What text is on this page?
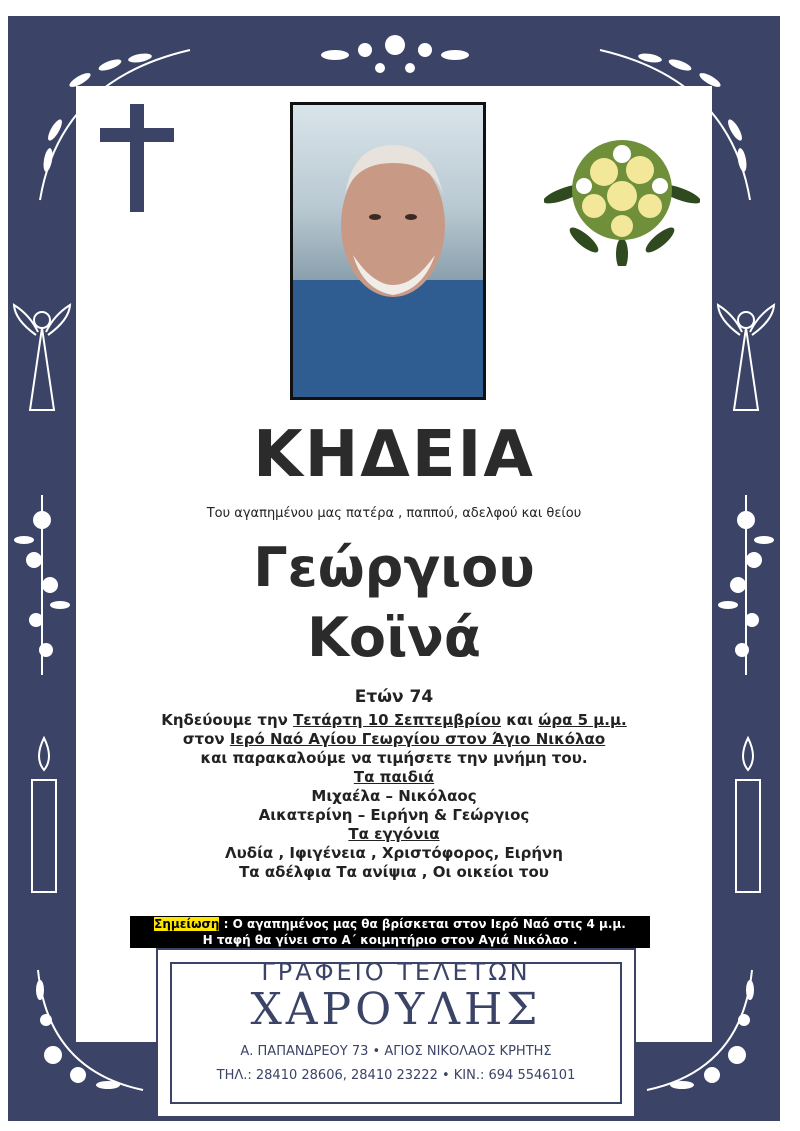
ΚΗΔΕΙΑ
Του αγαπημένου μας πατέρα , παππού, αδελφού και θείου
Γεώργιου
Κοϊνά
Ετών 74
Κηδεύουμε την Τετάρτη 10 Σεπτεμβρίου και ώρα 5 μ.μ.
στον Ιερό Ναό Αγίου Γεωργίου στον Άγιο Νικόλαο
και παρακαλούμε να τιμήσετε την μνήμη του.
Τα παιδιά
Μιχαέλα – Νικόλαος
Αικατερίνη – Ειρήνη & Γεώργιος
Τα εγγόνια
Λυδία , Ιφιγένεια , Χριστόφορος, Ειρήνη
Τα αδέλφια Τα ανίψια , Οι οικείοι του
Σημείωση : Ο αγαπημένος μας θα βρίσκεται στον Ιερό Ναό στις 4 μ.μ.
Η ταφή θα γίνει στο Α΄ κοιμητήριο στον Αγιά Νικόλαο .
ΓΡΑΦΕΙΟ ΤΕΛΕΤΩΝ
ΧΑΡΟΥΛΗΣ
Α. ΠΑΠΑΝΔΡΕΟΥ 73 • ΑΓΙΟΣ ΝΙΚΟΛΑΟΣ ΚΡΗΤΗΣ
ΤΗΛ.: 28410 28606, 28410 23222 • ΚΙΝ.: 694 5546101
